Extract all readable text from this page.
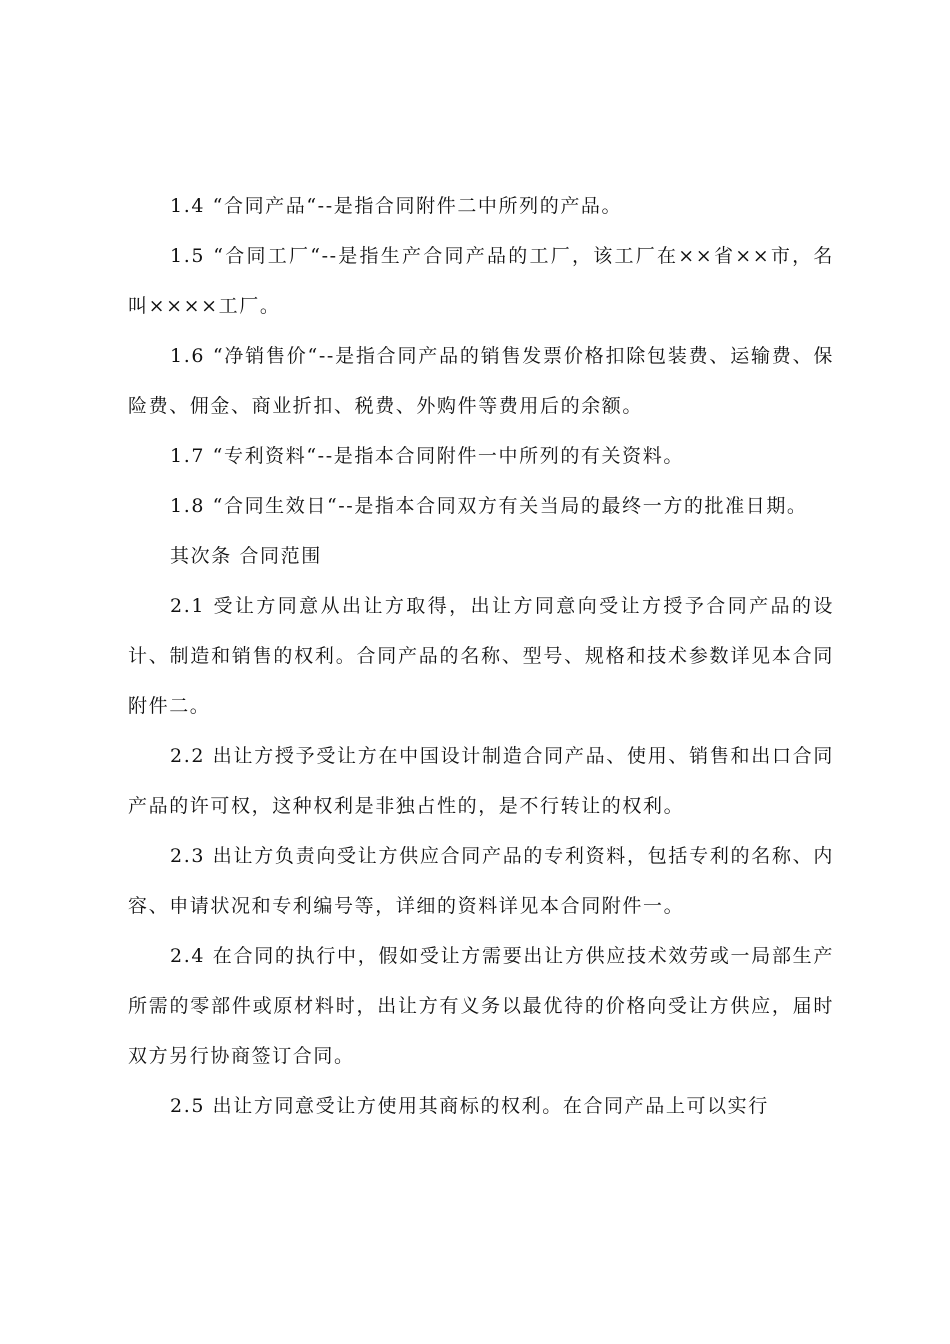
1.4 “合同产品“--是指合同附件二中所列的产品。

1.5 “合同工厂“--是指生产合同产品的工厂，该工厂在××省××市，名叫××××工厂。

1.6 “净销售价“--是指合同产品的销售发票价格扣除包装费、运输费、保险费、佣金、商业折扣、税费、外购件等费用后的余额。

1.7 “专利资料“--是指本合同附件一中所列的有关资料。

1.8 “合同生效日“--是指本合同双方有关当局的最终一方的批准日期。

其次条 合同范围

2.1 受让方同意从出让方取得，出让方同意向受让方授予合同产品的设计、制造和销售的权利。合同产品的名称、型号、规格和技术参数详见本合同附件二。

2.2 出让方授予受让方在中国设计制造合同产品、使用、销售和出口合同产品的许可权，这种权利是非独占性的，是不行转让的权利。

2.3 出让方负责向受让方供应合同产品的专利资料，包括专利的名称、内容、申请状况和专利编号等，详细的资料详见本合同附件一。

2.4 在合同的执行中，假如受让方需要出让方供应技术效劳或一局部生产所需的零部件或原材料时，出让方有义务以最优待的价格向受让方供应，届时双方另行协商签订合同。

2.5 出让方同意受让方使用其商标的权利。在合同产品上可以实行
